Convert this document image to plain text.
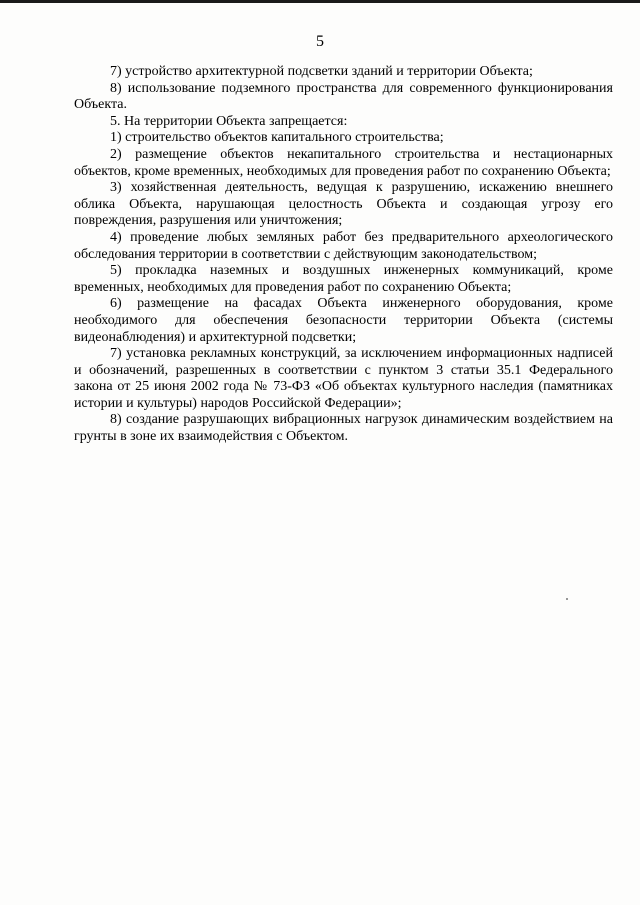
5

7) устройство архитектурной подсветки зданий и территории Объекта;

8) использование подземного пространства для современного функционирования Объекта.

5. На территории Объекта запрещается:

1) строительство объектов капитального строительства;

2) размещение объектов некапитального строительства и нестационарных объектов, кроме временных, необходимых для проведения работ по сохранению Объекта;

3) хозяйственная деятельность, ведущая к разрушению, искажению внешнего облика Объекта, нарушающая целостность Объекта и создающая угрозу его повреждения, разрушения или уничтожения;

4) проведение любых земляных работ без предварительного археологического обследования территории в соответствии с действующим законодательством;

5) прокладка наземных и воздушных инженерных коммуникаций, кроме временных, необходимых для проведения работ по сохранению Объекта;

6) размещение на фасадах Объекта инженерного оборудования, кроме необходимого для обеспечения безопасности территории Объекта (системы видеонаблюдения) и архитектурной подсветки;

7) установка рекламных конструкций, за исключением информационных надписей и обозначений, разрешенных в соответствии с пунктом 3 статьи 35.1 Федерального закона от 25 июня 2002 года № 73-ФЗ «Об объектах культурного наследия (памятниках истории и культуры) народов Российской Федерации»;

8) создание разрушающих вибрационных нагрузок динамическим воздействием на грунты в зоне их взаимодействия с Объектом.
